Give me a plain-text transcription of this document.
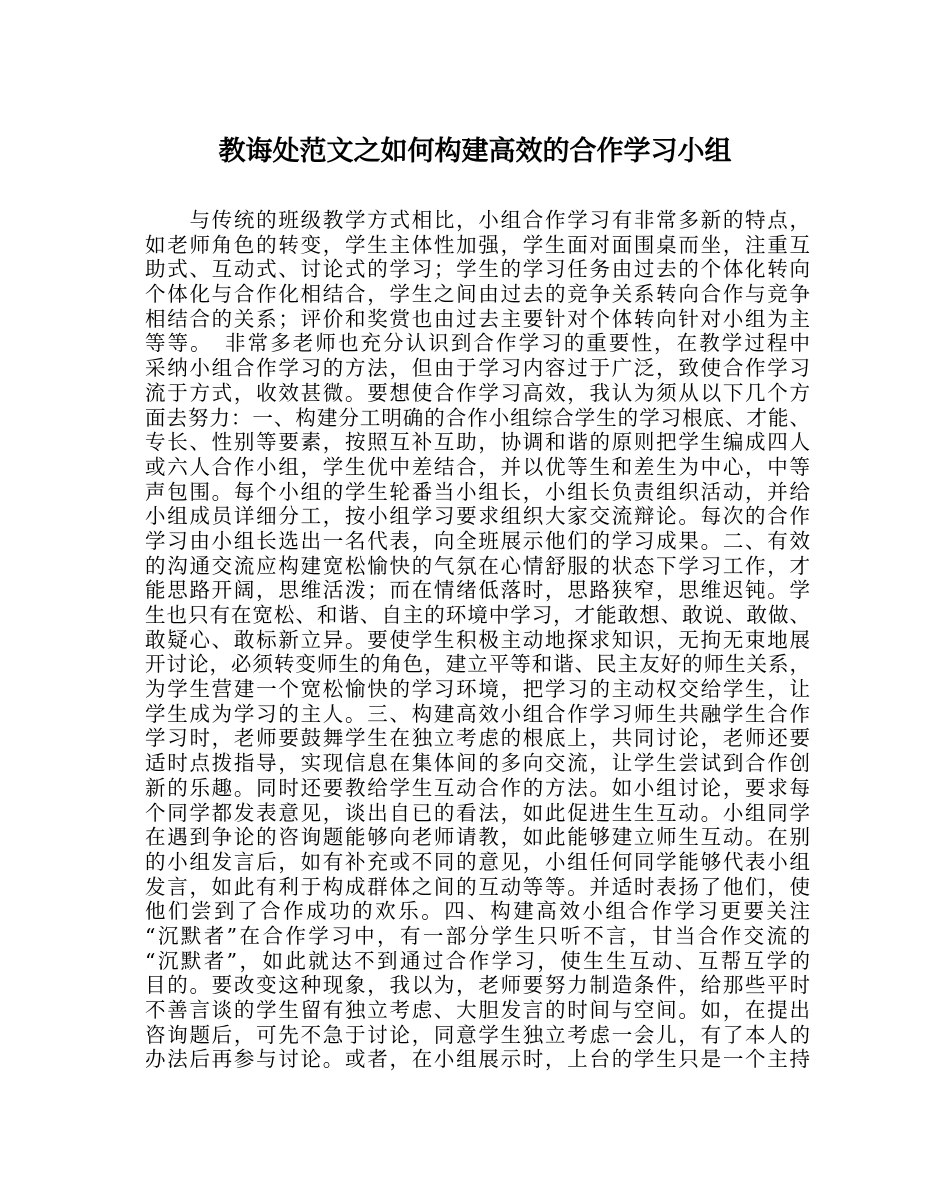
教诲处范文之如何构建高效的合作学习小组
　　与传统的班级教学方式相比，小组合作学习有非常多新的特点，
如老师角色的转变，学生主体性加强，学生面对面围桌而坐，注重互
助式、互动式、讨论式的学习；学生的学习任务由过去的个体化转向
个体化与合作化相结合，学生之间由过去的竞争关系转向合作与竞争
相结合的关系；评价和奖赏也由过去主要针对个体转向针对小组为主
等等。　非常多老师也充分认识到合作学习的重要性，在教学过程中
采纳小组合作学习的方法，但由于学习内容过于广泛，致使合作学习
流于方式，收效甚微。要想使合作学习高效，我认为须从以下几个方
面去努力：一、构建分工明确的合作小组综合学生的学习根底、才能、
专长、性别等要素，按照互补互助，协调和谐的原则把学生编成四人
或六人合作小组，学生优中差结合，并以优等生和差生为中心，中等
声包围。每个小组的学生轮番当小组长，小组长负责组织活动，并给
小组成员详细分工，按小组学习要求组织大家交流辩论。每次的合作
学习由小组长选出一名代表，向全班展示他们的学习成果。二、有效
的沟通交流应构建宽松愉快的气氛在心情舒服的状态下学习工作，才
能思路开阔，思维活泼；而在情绪低落时，思路狭窄，思维迟钝。学
生也只有在宽松、和谐、自主的环境中学习，才能敢想、敢说、敢做、
敢疑心、敢标新立异。要使学生积极主动地探求知识，无拘无束地展
开讨论，必须转变师生的角色，建立平等和谐、民主友好的师生关系，
为学生营建一个宽松愉快的学习环境，把学习的主动权交给学生，让
学生成为学习的主人。三、构建高效小组合作学习师生共融学生合作
学习时，老师要鼓舞学生在独立考虑的根底上，共同讨论，老师还要
适时点拨指导，实现信息在集体间的多向交流，让学生尝试到合作创
新的乐趣。同时还要教给学生互动合作的方法。如小组讨论，要求每
个同学都发表意见，谈出自已的看法，如此促进生生互动。小组同学
在遇到争论的咨询题能够向老师请教，如此能够建立师生互动。在别
的小组发言后，如有补充或不同的意见，小组任何同学能够代表小组
发言，如此有利于构成群体之间的互动等等。并适时表扬了他们，使
他们尝到了合作成功的欢乐。四、构建高效小组合作学习更要关注
“沉默者”在合作学习中，有一部分学生只听不言，甘当合作交流的
“沉默者”，如此就达不到通过合作学习，使生生互动、互帮互学的
目的。要改变这种现象，我以为，老师要努力制造条件，给那些平时
不善言谈的学生留有独立考虑、大胆发言的时间与空间。如，在提出
咨询题后，可先不急于讨论，同意学生独立考虑一会儿，有了本人的
办法后再参与讨论。或者，在小组展示时，上台的学生只是一个主持
